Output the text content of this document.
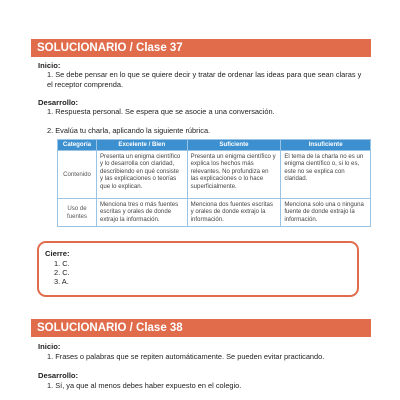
SOLUCIONARIO / Clase 37
Inicio:
1. Se debe pensar en lo que se quiere decir y tratar de ordenar las ideas para que sean claras y el receptor comprenda.
Desarrollo:
1. Respuesta personal. Se espera que se asocie a una conversación.
2. Evalúa tu charla, aplicando la siguiente rúbrica.
Categoría	Excelente / Bien	Suficiente	Insuficiente
Contenido	Presenta un enigma científico y lo desarrolla con claridad, describiendo en qué consiste y las explicaciones o teorías que lo explican.	Presenta un enigma científico y explica los hechos más relevantes. No profundiza en las explicaciones o lo hace superficialmente.	El tema de la charla no es un enigma científico o, si lo es, este no se explica con claridad.
Uso de fuentes	Menciona tres o más fuentes escritas y orales de donde extrajo la información.	Menciona dos fuentes escritas y orales de donde extrajo la información.	Menciona solo una o ninguna fuente de donde extrajo la información.
Cierre:
1. C.
2. C.
3. A.
SOLUCIONARIO / Clase 38
Inicio:
1. Frases o palabras que se repiten automáticamente. Se pueden evitar practicando.
Desarrollo:
1. Sí, ya que al menos debes haber expuesto en el colegio.
